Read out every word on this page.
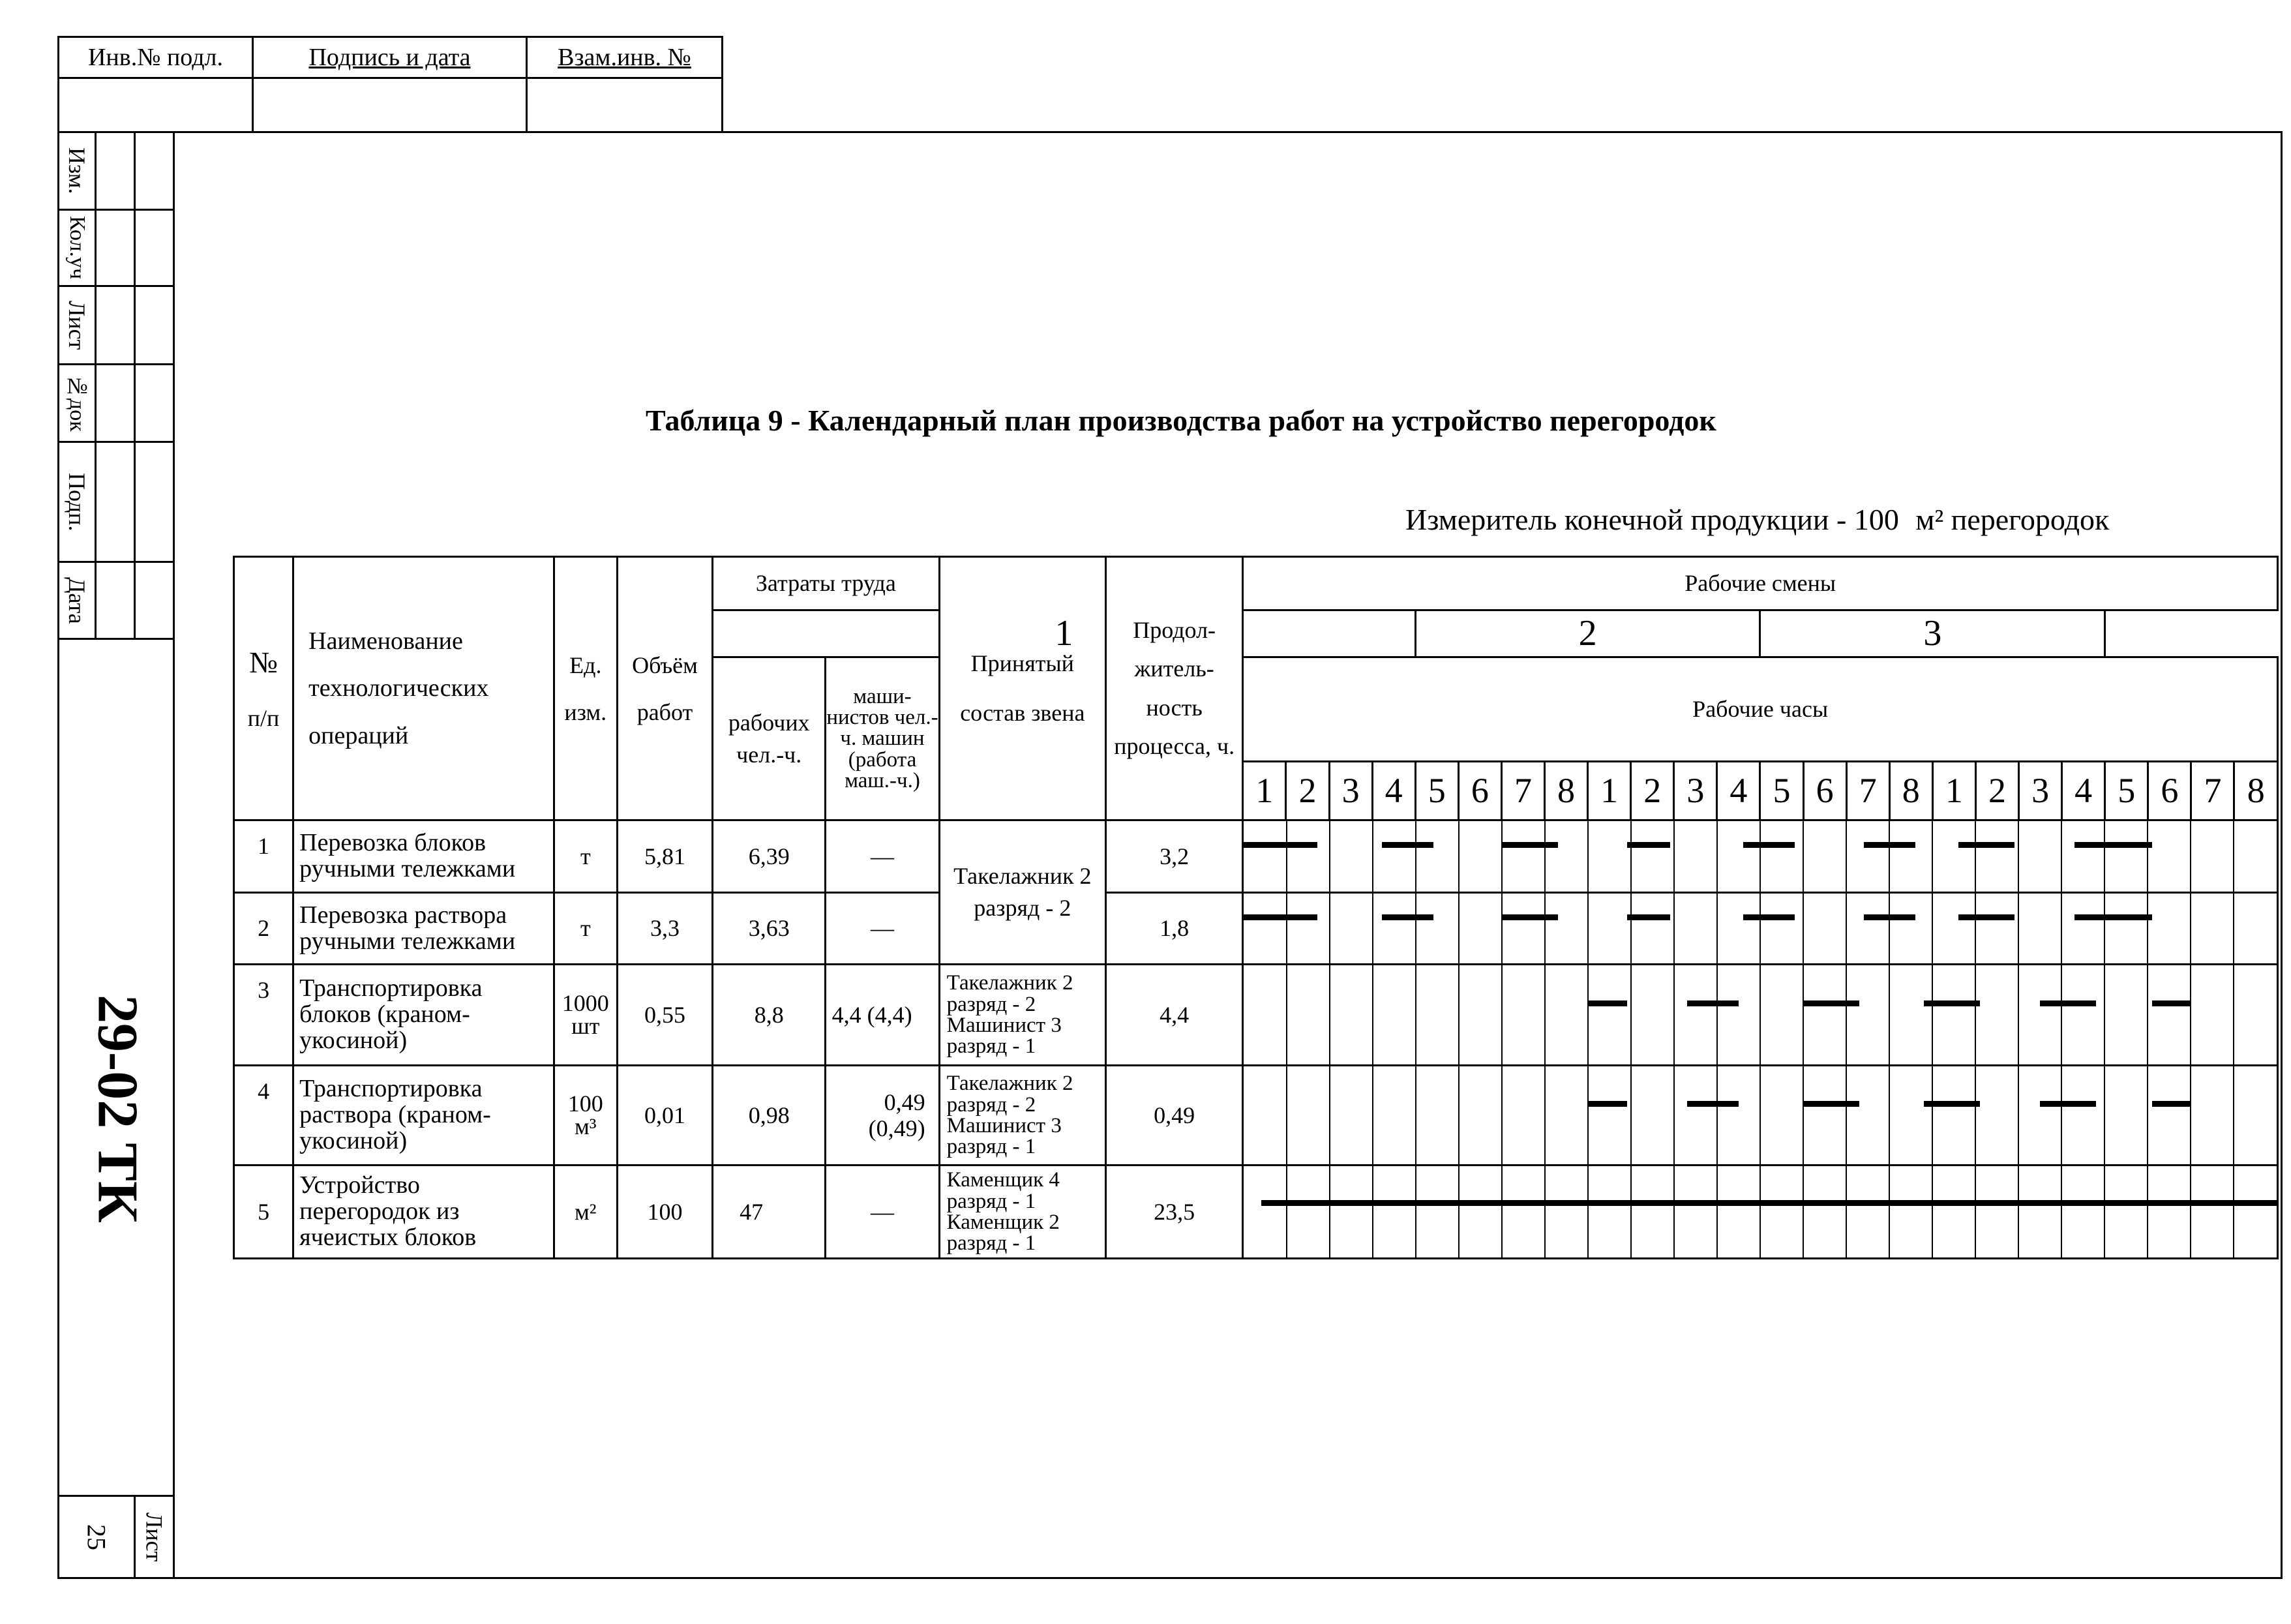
Инв.№ подл.	Подпись и дата	Взам.инв. №
Изм.
Кол.уч
Лист
№док
Подп.
Дата
29-02 ТК
Лист
25
Таблица 9 - Календарный план производства работ на устройство перегородок
Измеритель конечной продукции - 100 м² перегородок
№
п/п	Наименование технологических операций	Ед. изм.	Объём работ	Затраты труда		Принятый состав звена	Продол-житель-ность процесса, ч.	Рабочие смены																							
				1								2								3											
				рабочих чел.-ч.	маши-нистов чел.-ч. машин (работа маш.-ч.)			Рабочие часы																							
								1	2	3	4	5	6	7	8	1	2	3	4	5	6	7	8	1	2	3	4	5	6	7	8
1	Перевозка блоков ручными тележками	т	5,81	6,39	—	Такелажник 2 разряд - 2	3,2																								

2	Перевозка раствора ручными тележками	т	3,3	3,63	—		1,8																								

3	Транспортировка блоков (краном-укосиной)	1000 шт	0,55	8,8	4,4 (4,4)	Такелажник 2 разряд - 2 Машинист 3 разряд - 1	4,4																								

4	Транспортировка раствора (краном-укосиной)	100 м³	0,01	0,98	0,49 (0,49)	Такелажник 2 разряд - 2 Машинист 3 разряд - 1	0,49																								

5	Устройство перегородок из ячеистых блоков	м²	100	47	—	Каменщик 4 разряд - 1 Каменщик 2 разряд - 1	23,5																								
